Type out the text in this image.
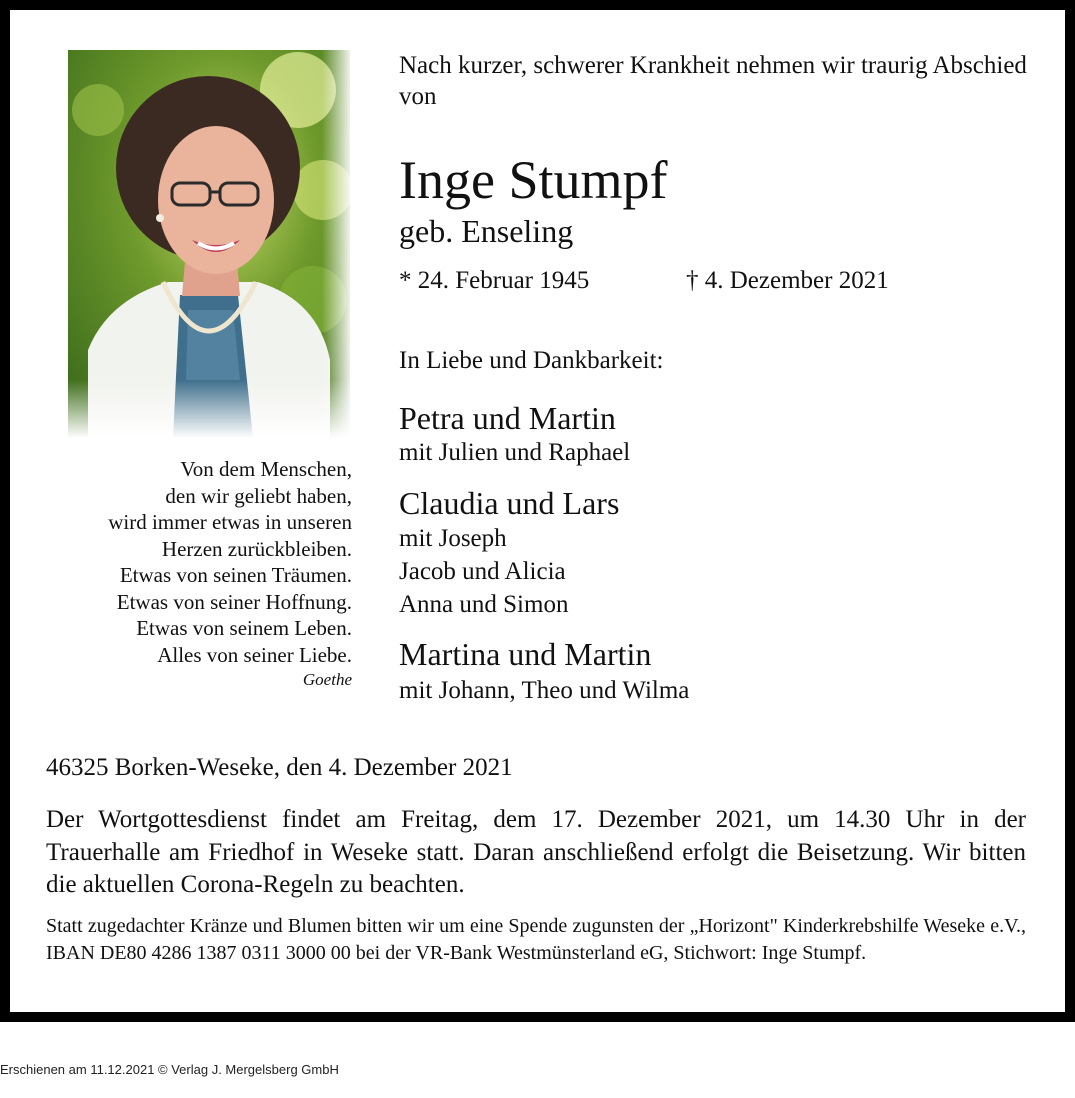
Von dem Menschen,
den wir geliebt haben,
wird immer etwas in unseren
Herzen zurückbleiben.
Etwas von seinen Träumen.
Etwas von seiner Hoffnung.
Etwas von seinem Leben.
Alles von seiner Liebe.
Goethe
Nach kurzer, schwerer Krankheit nehmen wir traurig Abschied von
Inge Stumpf
geb. Enseling
* 24. Februar 1945	† 4. Dezember 2021
In Liebe und Dankbarkeit:
Petra und Martin
mit Julien und Raphael
Claudia und Lars
mit Joseph
Jacob und Alicia
Anna und Simon
Martina und Martin
mit Johann, Theo und Wilma
46325 Borken-Weseke, den 4. Dezember 2021
Der Wortgottesdienst findet am Freitag, dem 17. Dezember 2021, um 14.30 Uhr in der Trauerhalle am Friedhof in Weseke statt. Daran anschließend erfolgt die Beisetzung. Wir bitten die aktuellen Corona-Regeln zu beachten.
Statt zugedachter Kränze und Blumen bitten wir um eine Spende zugunsten der „Horizont" Kinderkrebshilfe Weseke e.V., IBAN DE80 4286 1387 0311 3000 00 bei der VR-Bank Westmünsterland eG, Stichwort: Inge Stumpf.
Erschienen am 11.12.2021 © Verlag J. Mergelsberg GmbH
